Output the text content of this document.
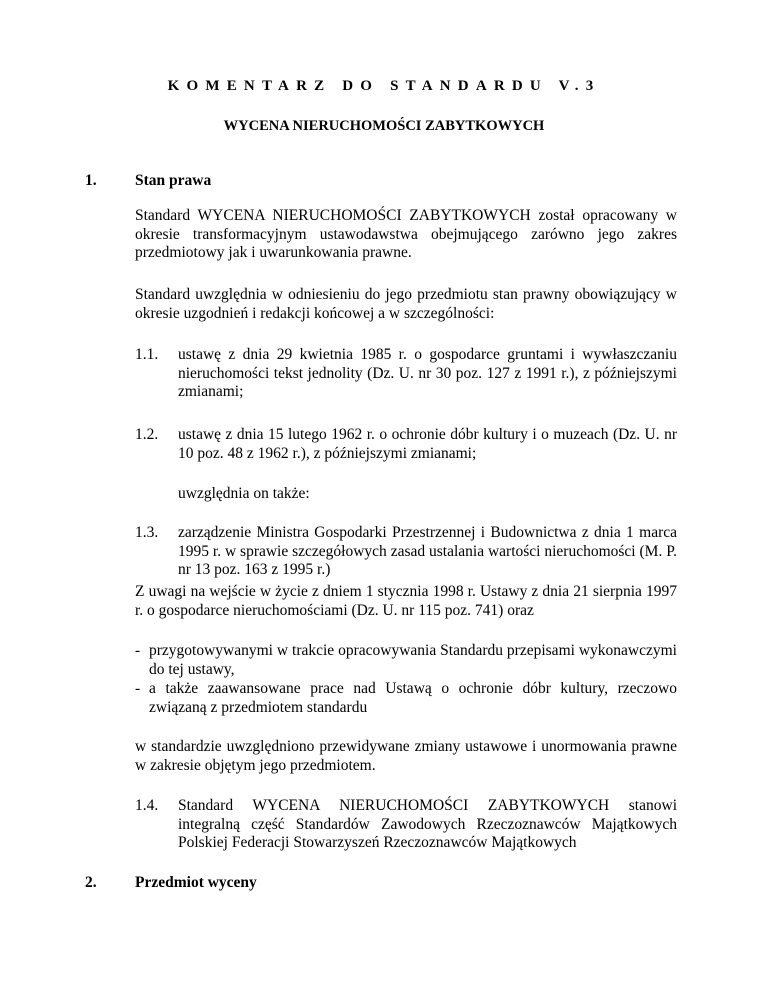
KOMENTARZ DO STANDARDU V.3
WYCENA NIERUCHOMOŚCI ZABYTKOWYCH
1. Stan prawa
Standard WYCENA NIERUCHOMOŚCI ZABYTKOWYCH został opracowany w okresie transformacyjnym ustawodawstwa obejmującego zarówno jego zakres przedmiotowy jak i uwarunkowania prawne.
Standard uwzględnia w odniesieniu do jego przedmiotu stan prawny obowiązujący w okresie uzgodnień i redakcji końcowej a w szczególności:
1.1. ustawę z dnia 29 kwietnia 1985 r. o gospodarce gruntami i wywłaszczaniu nieruchomości tekst jednolity (Dz. U. nr 30 poz. 127 z 1991 r.), z późniejszymi zmianami;
1.2. ustawę z dnia 15 lutego 1962 r. o ochronie dóbr kultury i o muzeach (Dz. U. nr 10 poz. 48 z 1962 r.), z późniejszymi zmianami;
uwzględnia on także:
1.3. zarządzenie Ministra Gospodarki Przestrzennej i Budownictwa z dnia 1 marca 1995 r. w sprawie szczegółowych zasad ustalania wartości nieruchomości (M. P. nr 13 poz. 163 z 1995 r.)
Z uwagi na wejście w życie z dniem 1 stycznia 1998 r. Ustawy z dnia 21 sierpnia 1997 r. o gospodarce nieruchomościami (Dz. U. nr 115 poz. 741) oraz
- przygotowywanymi w trakcie opracowywania Standardu przepisami wykonawczymi do tej ustawy,
- a także zaawansowane prace nad Ustawą o ochronie dóbr kultury, rzeczowo związaną z przedmiotem standardu
w standardzie uwzględniono przewidywane zmiany ustawowe i unormowania prawne w zakresie objętym jego przedmiotem.
1.4. Standard WYCENA NIERUCHOMOŚCI ZABYTKOWYCH stanowi integralną część Standardów Zawodowych Rzeczoznawców Majątkowych Polskiej Federacji Stowarzyszeń Rzeczoznawców Majątkowych
2. Przedmiot wyceny
